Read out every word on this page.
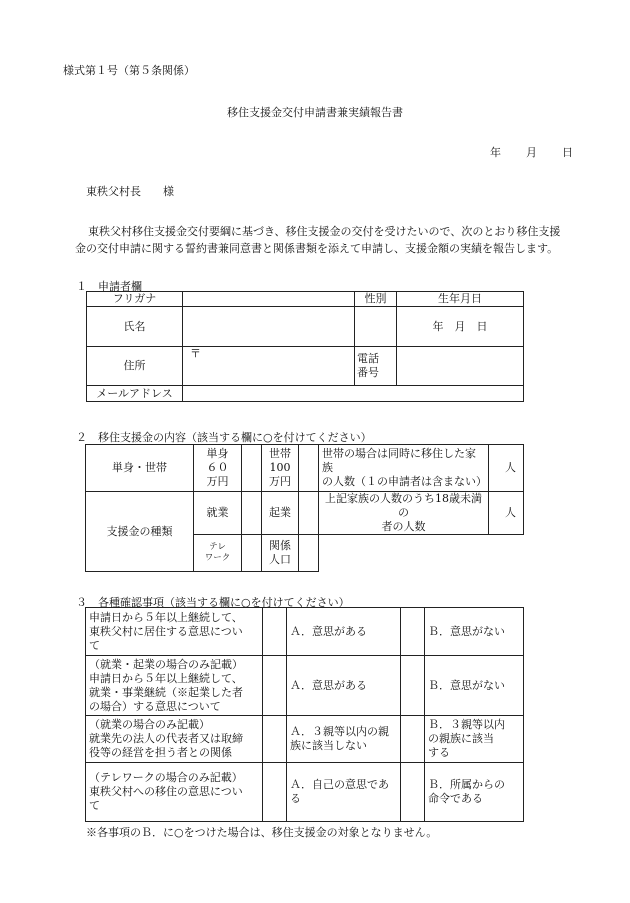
様式第１号（第５条関係）
移住支援金交付申請書兼実績報告書
年 月 日
東秩父村長　　様
東秩父村移住支援金交付要綱に基づき、移住支援金の交付を受けたいので、次のとおり移住支援
金の交付申請に関する誓約書兼同意書と関係書類を添えて申請し、支援金額の実績を報告します。
１　申請者欄
フリガナ		性別	生年月日
氏名			年　月　日
住所	〒	電話
番号	
メールアドレス			
２　移住支援金の内容（該当する欄に○を付けてください）
単身・世帯	単身
６０
万円		世帯
100
万円		世帯の場合は同時に移住した家族
の人数（１の申請者は含まない）	人
支援金の種類	就業		起業		上記家族の人数のうち18歳未満の
者の人数	人
	テレ
ワーク		関係
人口			
３　各種確認事項（該当する欄に○を付けてください）
申請日から５年以上継続して、
東秩父村に居住する意思につい
て		Ａ．意思がある		Ｂ．意思がない
（就業・起業の場合のみ記載）
申請日から５年以上継続して、
就業・事業継続（※起業した者
の場合）する意思について		Ａ．意思がある		Ｂ．意思がない
（就業の場合のみ記載）
就業先の法人の代表者又は取締
役等の経営を担う者との関係		Ａ．３親等以内の親
族に該当しない		Ｂ．３親等以内
の親族に該当
する
（テレワークの場合のみ記載）
東秩父村への移住の意思につい
て		Ａ．自己の意思であ
る		Ｂ．所属からの
命令である
※各事項のＢ．に○をつけた場合は、移住支援金の対象となりません。
